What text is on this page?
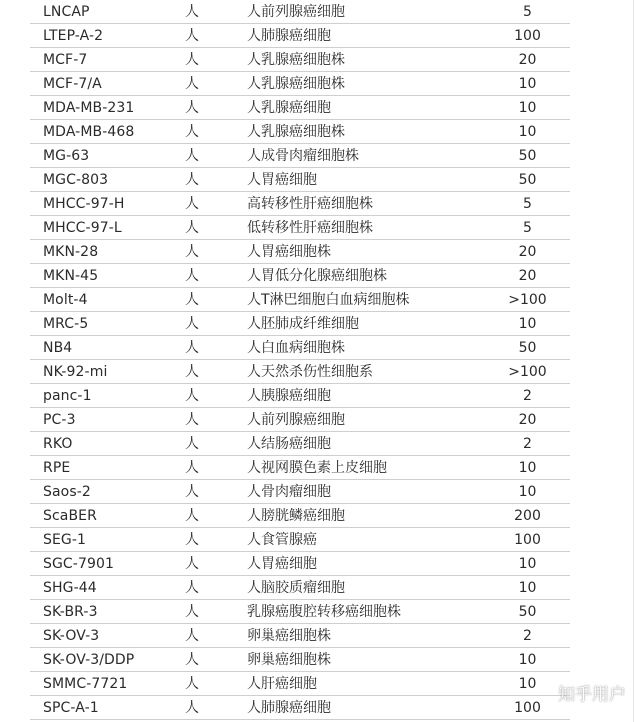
LNCAP	人	人前列腺癌细胞	5
LTEP-A-2	人	人肺腺癌细胞	100
MCF-7	人	人乳腺癌细胞株	20
MCF-7/A	人	人乳腺癌细胞株	10
MDA-MB-231	人	人乳腺癌细胞	10
MDA-MB-468	人	人乳腺癌细胞株	10
MG-63	人	人成骨肉瘤细胞株	50
MGC-803	人	人胃癌细胞	50
MHCC-97-H	人	高转移性肝癌细胞株	5
MHCC-97-L	人	低转移性肝癌细胞株	5
MKN-28	人	人胃癌细胞株	20
MKN-45	人	人胃低分化腺癌细胞株	20
Molt-4	人	人T淋巴细胞白血病细胞株	>100
MRC-5	人	人胚肺成纤维细胞	10
NB4	人	人白血病细胞株	50
NK-92-mi	人	人天然杀伤性细胞系	>100
panc-1	人	人胰腺癌细胞	2
PC-3	人	人前列腺癌细胞	20
RKO	人	人结肠癌细胞	2
RPE	人	人视网膜色素上皮细胞	10
Saos-2	人	人骨肉瘤细胞	10
ScaBER	人	人膀胱鳞癌细胞	200
SEG-1	人	人食管腺癌	100
SGC-7901	人	人胃癌细胞	10
SHG-44	人	人脑胶质瘤细胞	10
SK-BR-3	人	乳腺癌腹腔转移癌细胞株	50
SK-OV-3	人	卵巢癌细胞株	2
SK-OV-3/DDP	人	卵巢癌细胞株	10
SMMC-7721	人	人肝癌细胞	10
SPC-A-1	人	人肺腺癌细胞	100
知乎用户
